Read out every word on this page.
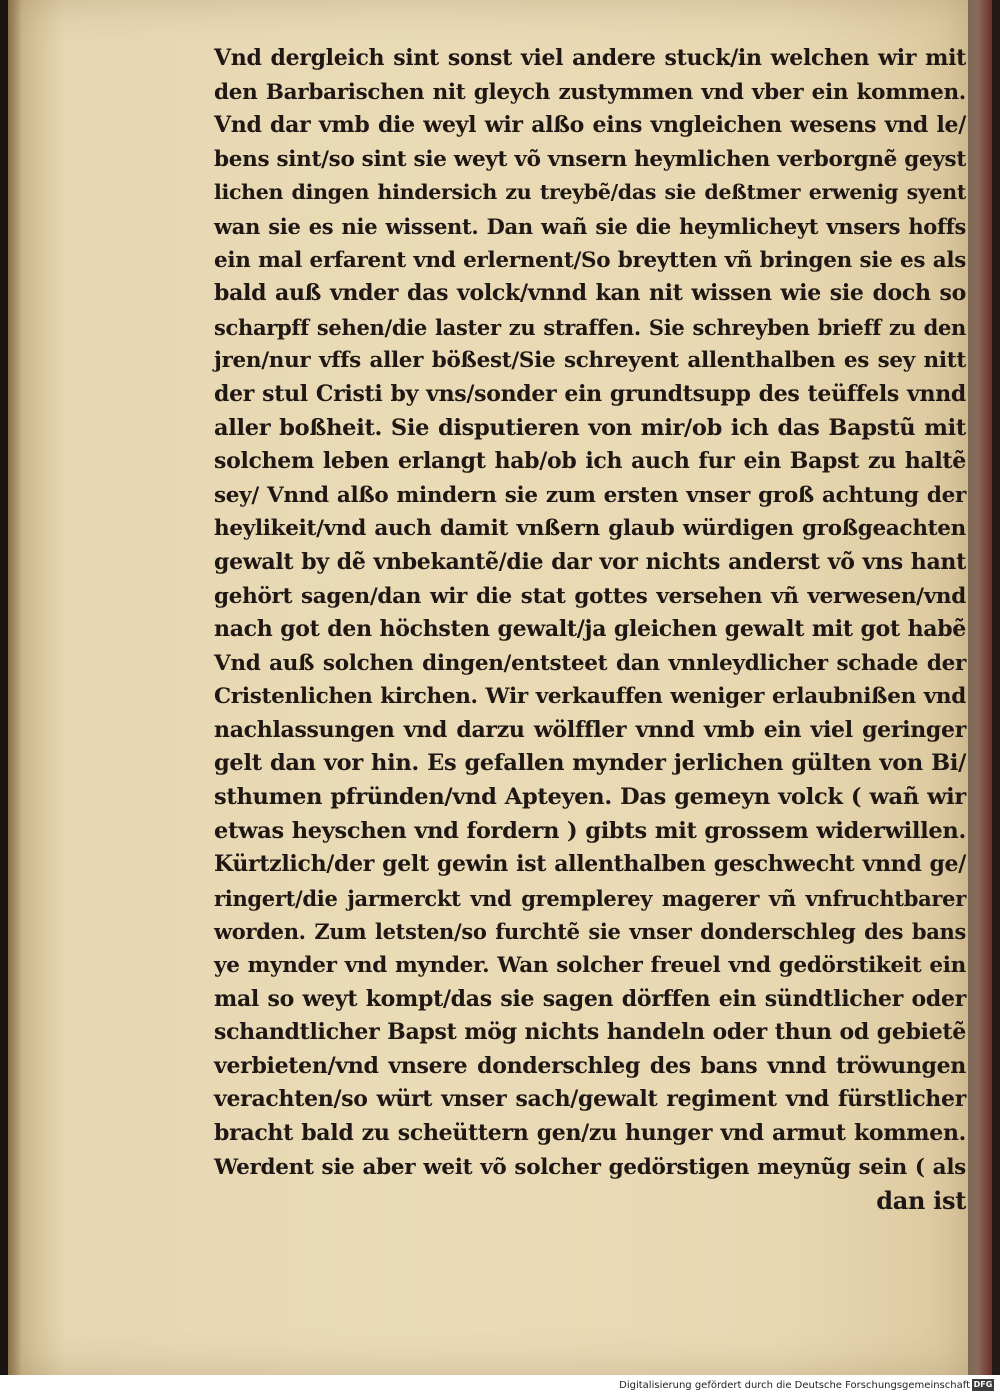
Vnd dergleich sint sonst viel andere stuck/in welchen wir mit
den Barbarischen nit gleych zustymmen vnd vber ein kommen.
Vnd dar vmb die weyl wir alßo eins vngleichen wesens vnd le/
bens sint/so sint sie weyt võ vnsern heymlichen verborgnẽ geyst
lichen dingen hindersich zu treybẽ/das sie deßtmer erwenig syent
wan sie es nie wissent. Dan wañ sie die heymlicheyt vnsers hoffs
ein mal erfarent vnd erlernent/So breytten vñ bringen sie es als
bald auß vnder das volck/vnnd kan nit wissen wie sie doch so
scharpff sehen/die laster zu straffen. Sie schreyben brieff zu den
jren/nur vffs aller bößest/Sie schreyent allenthalben es sey nitt
der stul Cristi by vns/sonder ein grundtsupp des teüffels vnnd
aller boßheit. Sie disputieren von mir/ob ich das Bapstũ mit
solchem leben erlangt hab/ob ich auch fur ein Bapst zu haltẽ
sey/ Vnnd alßo mindern sie zum ersten vnser groß achtung der
heylikeit/vnd auch damit vnßern glaub würdigen großgeachten
gewalt by dẽ vnbekantẽ/die dar vor nichts anderst võ vns hant
gehört sagen/dan wir die stat gottes versehen vñ verwesen/vnd
nach got den höchsten gewalt/ja gleichen gewalt mit got habẽ
Vnd auß solchen dingen/entsteet dan vnnleydlicher schade der
Cristenlichen kirchen. Wir verkauffen weniger erlaubnißen vnd
nachlassungen vnd darzu wölffler vnnd vmb ein viel geringer
gelt dan vor hin. Es gefallen mynder jerlichen gülten von Bi/
sthumen pfründen/vnd Apteyen. Das gemeyn volck ( wañ wir
etwas heyschen vnd fordern ) gibts mit grossem widerwillen.
Kürtzlich/der gelt gewin ist allenthalben geschwecht vnnd ge/
ringert/die jarmerckt vnd gremplerey magerer vñ vnfruchtbarer
worden. Zum letsten/so furchtẽ sie vnser donderschleg des bans
ye mynder vnd mynder. Wan solcher freuel vnd gedörstikeit ein
mal so weyt kompt/das sie sagen dörffen ein sündtlicher oder
schandtlicher Bapst mög nichts handeln oder thun od gebietẽ
verbieten/vnd vnsere donderschleg des bans vnnd tröwungen
verachten/so würt vnser sach/gewalt regiment vnd fürstlicher
bracht bald zu scheüttern gen/zu hunger vnd armut kommen.
Werdent sie aber weit võ solcher gedörstigen meynũg sein ( als
dan ist
Digitalisierung gefördert durch die Deutsche Forschungsgemeinschaft DFG
